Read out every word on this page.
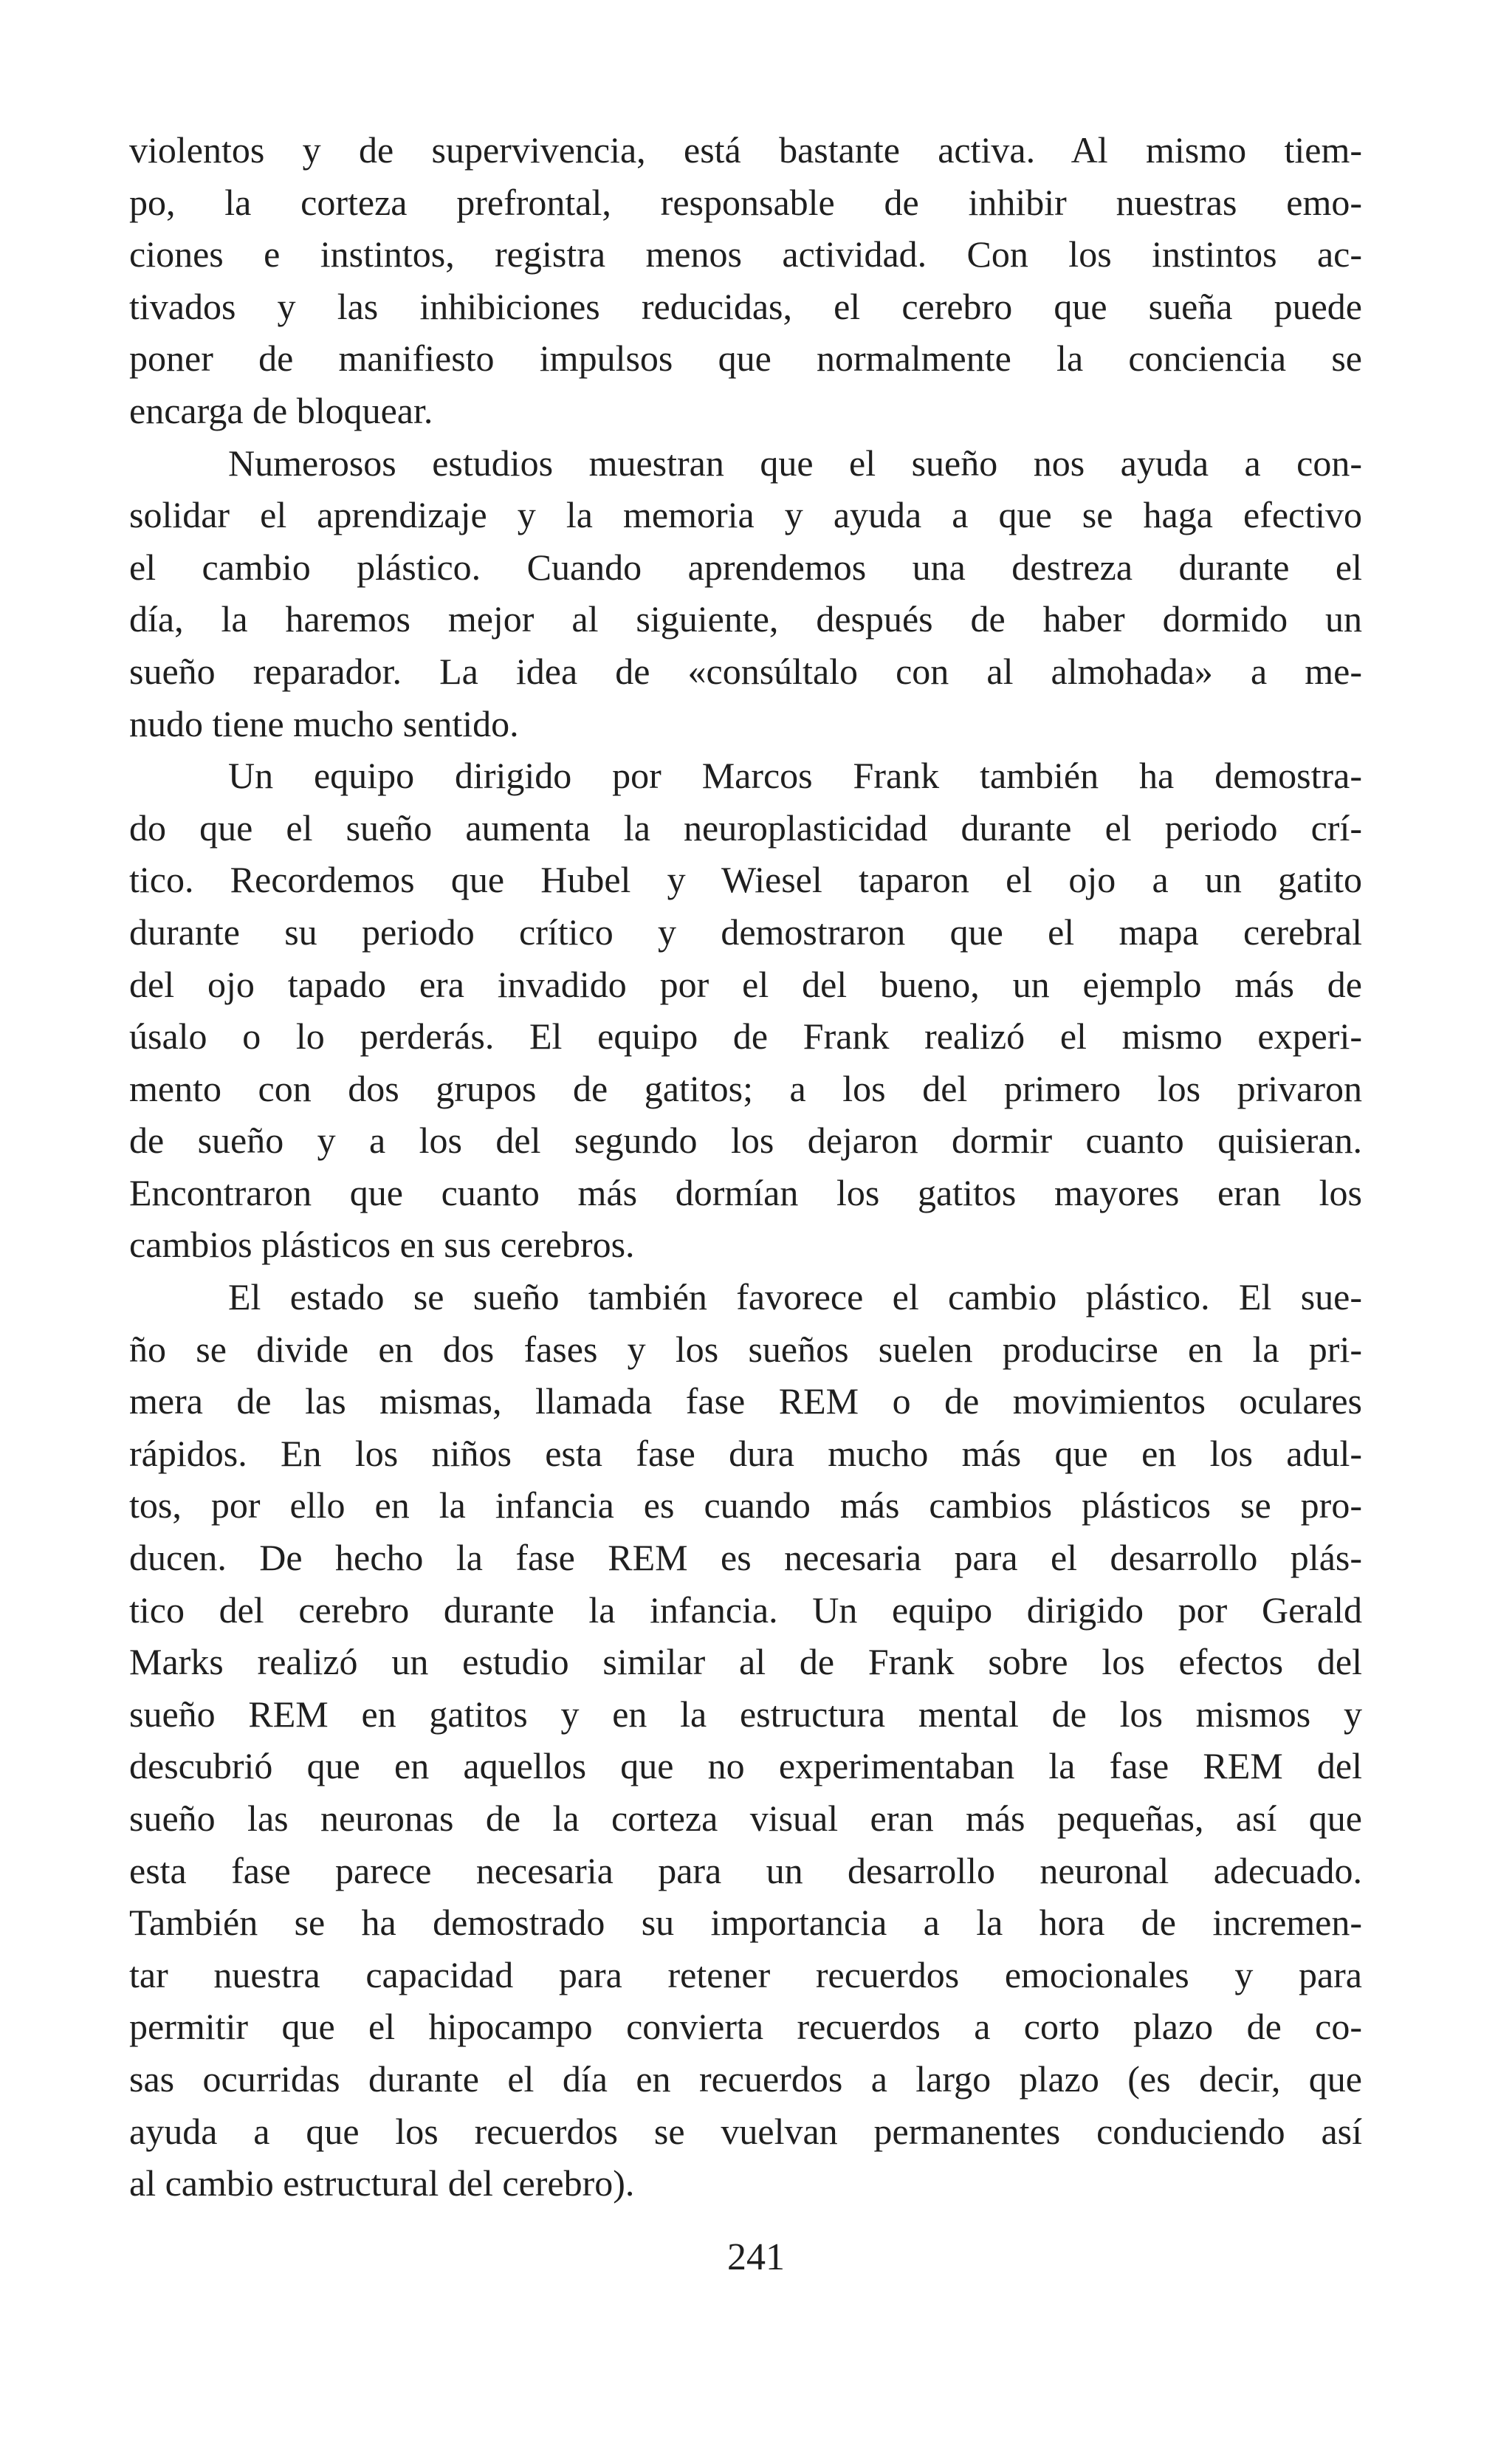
violentos y de supervivencia, está bastante activa. Al mismo tiem-
po, la corteza prefrontal, responsable de inhibir nuestras emo-
ciones e instintos, registra menos actividad. Con los instintos ac-
tivados y las inhibiciones reducidas, el cerebro que sueña puede
poner de manifiesto impulsos que normalmente la conciencia se
encarga de bloquear.
Numerosos estudios muestran que el sueño nos ayuda a con-
solidar el aprendizaje y la memoria y ayuda a que se haga efectivo
el cambio plástico. Cuando aprendemos una destreza durante el
día, la haremos mejor al siguiente, después de haber dormido un
sueño reparador. La idea de «consúltalo con al almohada» a me-
nudo tiene mucho sentido.
Un equipo dirigido por Marcos Frank también ha demostra-
do que el sueño aumenta la neuroplasticidad durante el periodo crí-
tico. Recordemos que Hubel y Wiesel taparon el ojo a un gatito
durante su periodo crítico y demostraron que el mapa cerebral
del ojo tapado era invadido por el del bueno, un ejemplo más de
úsalo o lo perderás. El equipo de Frank realizó el mismo experi-
mento con dos grupos de gatitos; a los del primero los privaron
de sueño y a los del segundo los dejaron dormir cuanto quisieran.
Encontraron que cuanto más dormían los gatitos mayores eran los
cambios plásticos en sus cerebros.
El estado se sueño también favorece el cambio plástico. El sue-
ño se divide en dos fases y los sueños suelen producirse en la pri-
mera de las mismas, llamada fase REM o de movimientos oculares
rápidos. En los niños esta fase dura mucho más que en los adul-
tos, por ello en la infancia es cuando más cambios plásticos se pro-
ducen. De hecho la fase REM es necesaria para el desarrollo plás-
tico del cerebro durante la infancia. Un equipo dirigido por Gerald
Marks realizó un estudio similar al de Frank sobre los efectos del
sueño REM en gatitos y en la estructura mental de los mismos y
descubrió que en aquellos que no experimentaban la fase REM del
sueño las neuronas de la corteza visual eran más pequeñas, así que
esta fase parece necesaria para un desarrollo neuronal adecuado.
También se ha demostrado su importancia a la hora de incremen-
tar nuestra capacidad para retener recuerdos emocionales y para
permitir que el hipocampo convierta recuerdos a corto plazo de co-
sas ocurridas durante el día en recuerdos a largo plazo (es decir, que
ayuda a que los recuerdos se vuelvan permanentes conduciendo así
al cambio estructural del cerebro).
241
